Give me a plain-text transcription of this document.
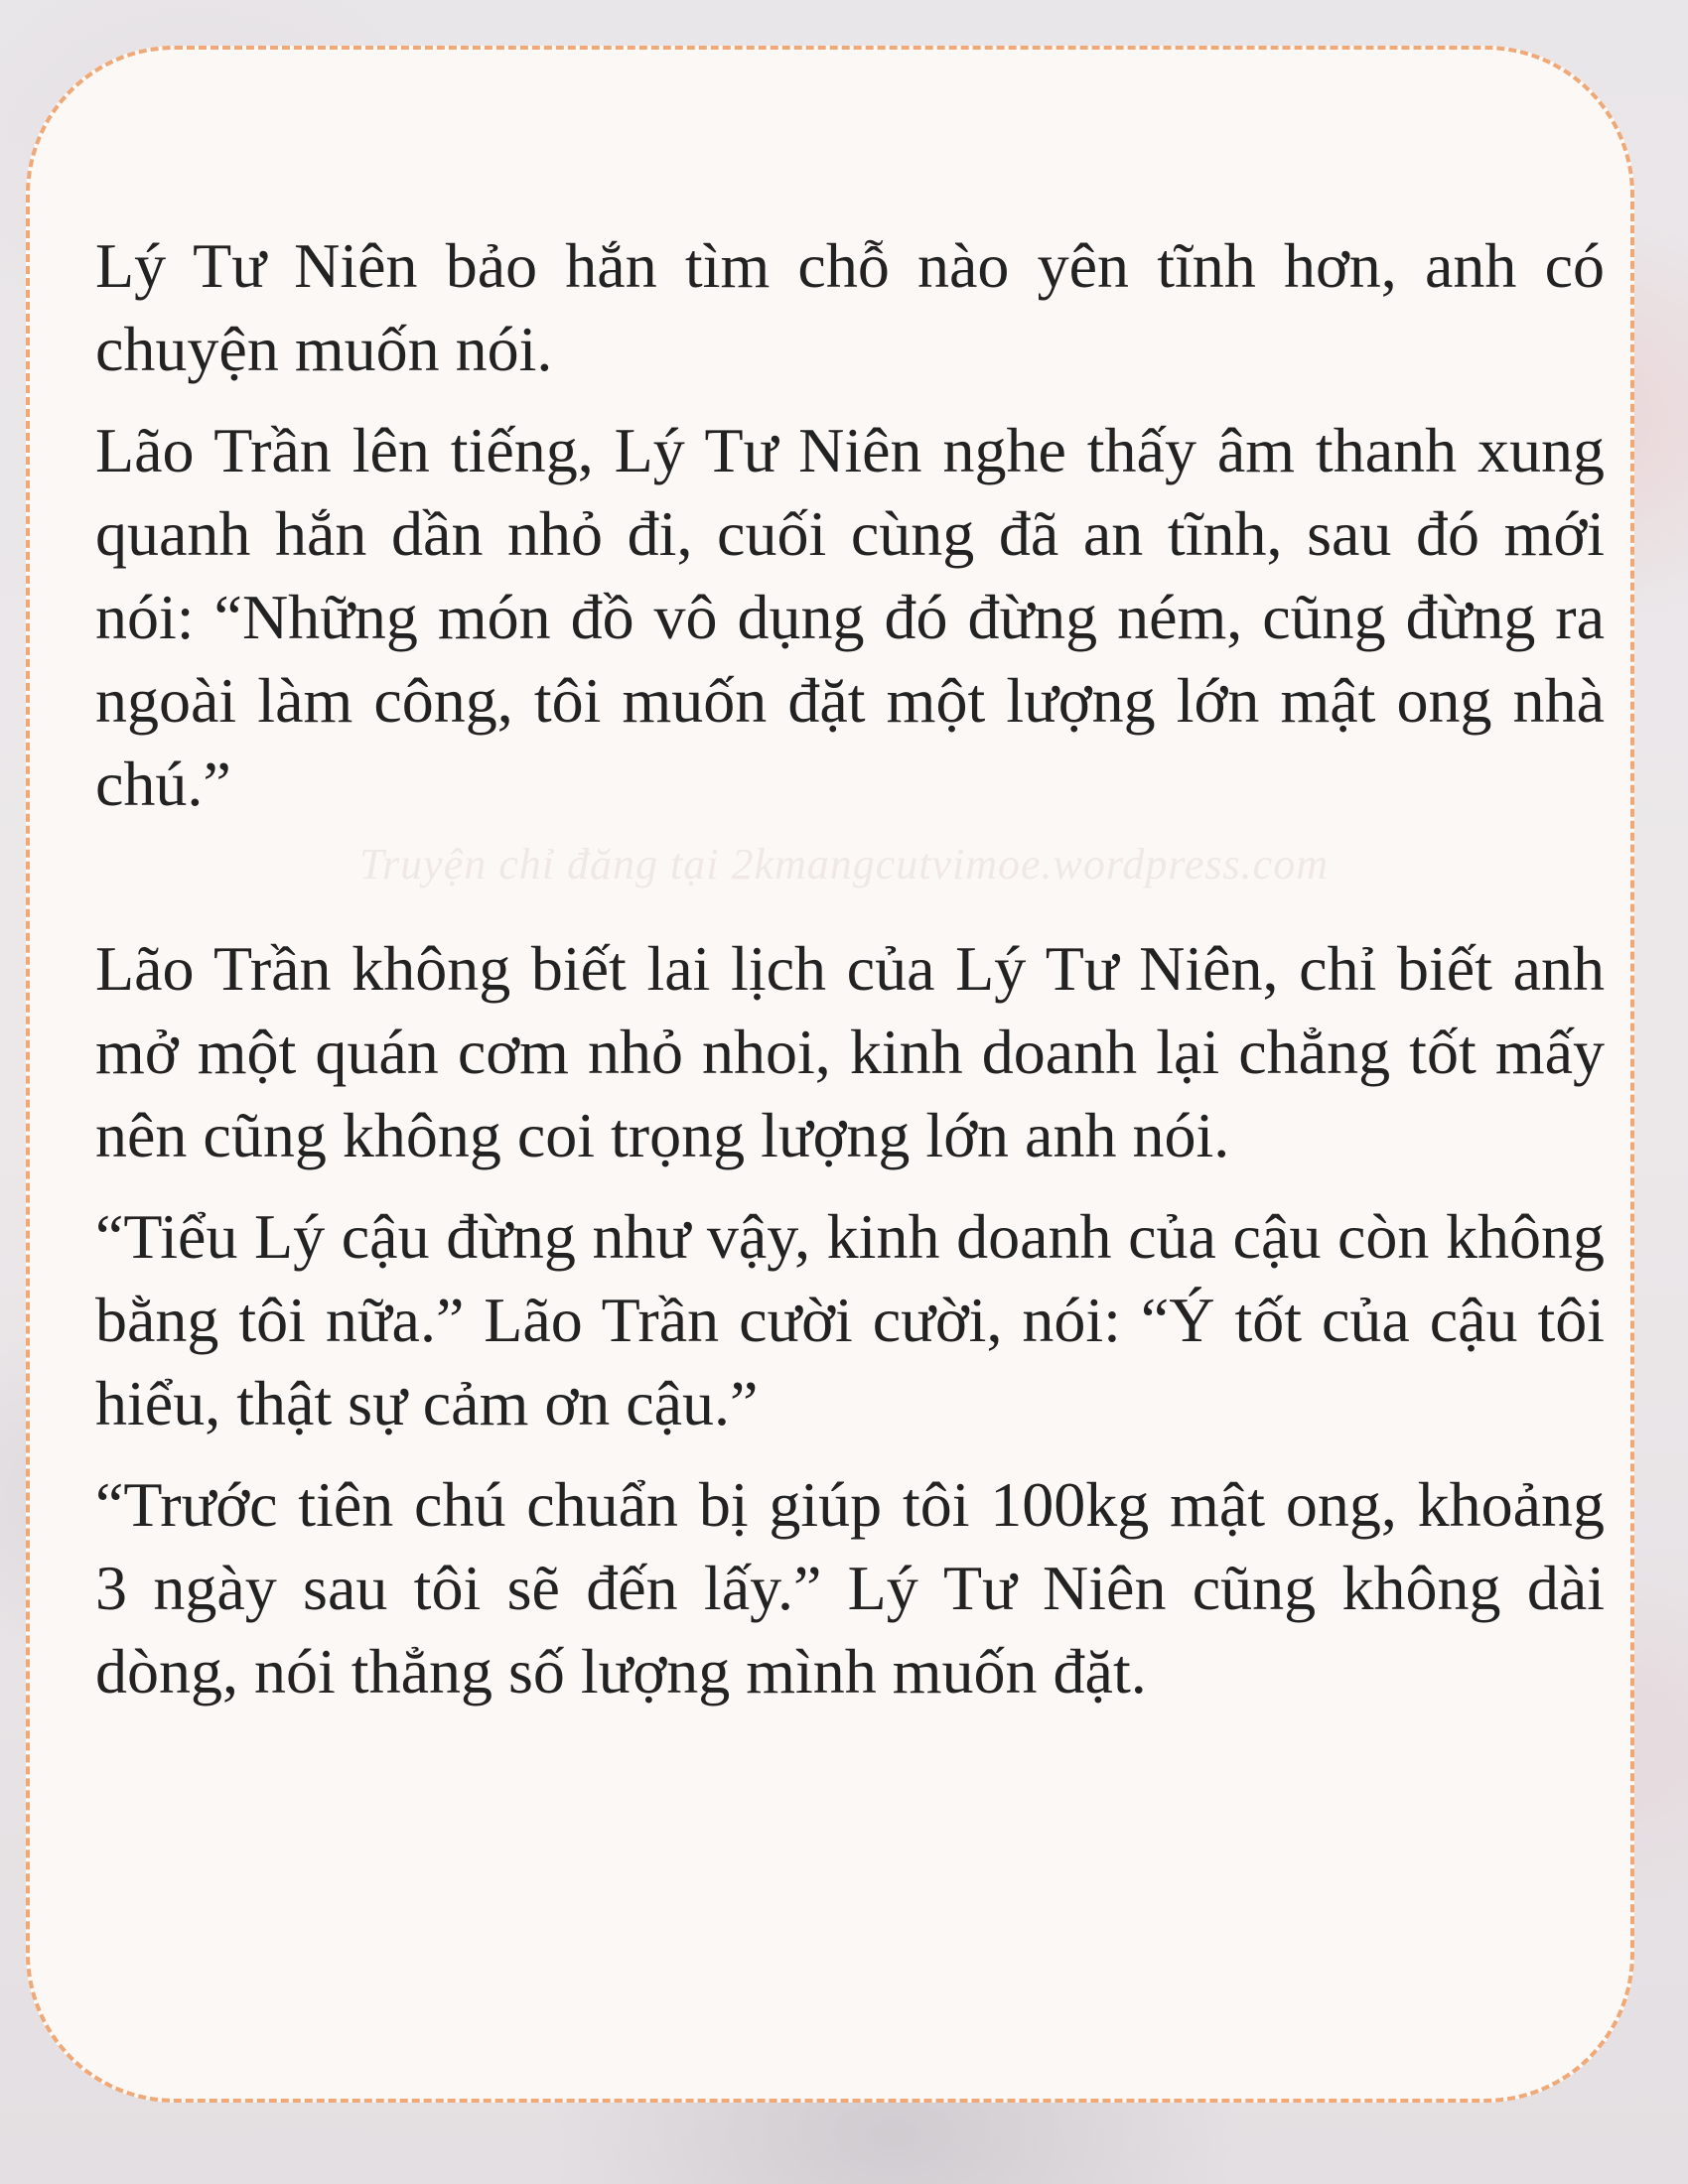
Truyện chỉ đăng tại 2kmangcutvimoe.wordpress.com

Lý Tư Niên bảo hắn tìm chỗ nào yên tĩnh hơn, anh có chuyện muốn nói.

Lão Trần lên tiếng, Lý Tư Niên nghe thấy âm thanh xung quanh hắn dần nhỏ đi, cuối cùng đã an tĩnh, sau đó mới nói: “Những món đồ vô dụng đó đừng ném, cũng đừng ra ngoài làm công, tôi muốn đặt một lượng lớn mật ong nhà chú.”

Lão Trần không biết lai lịch của Lý Tư Niên, chỉ biết anh mở một quán cơm nhỏ nhoi, kinh doanh lại chẳng tốt mấy nên cũng không coi trọng lượng lớn anh nói.

“Tiểu Lý cậu đừng như vậy, kinh doanh của cậu còn không bằng tôi nữa.” Lão Trần cười cười, nói: “Ý tốt của cậu tôi hiểu, thật sự cảm ơn cậu.”

“Trước tiên chú chuẩn bị giúp tôi 100kg mật ong, khoảng 3 ngày sau tôi sẽ đến lấy.” Lý Tư Niên cũng không dài dòng, nói thẳng số lượng mình muốn đặt.
